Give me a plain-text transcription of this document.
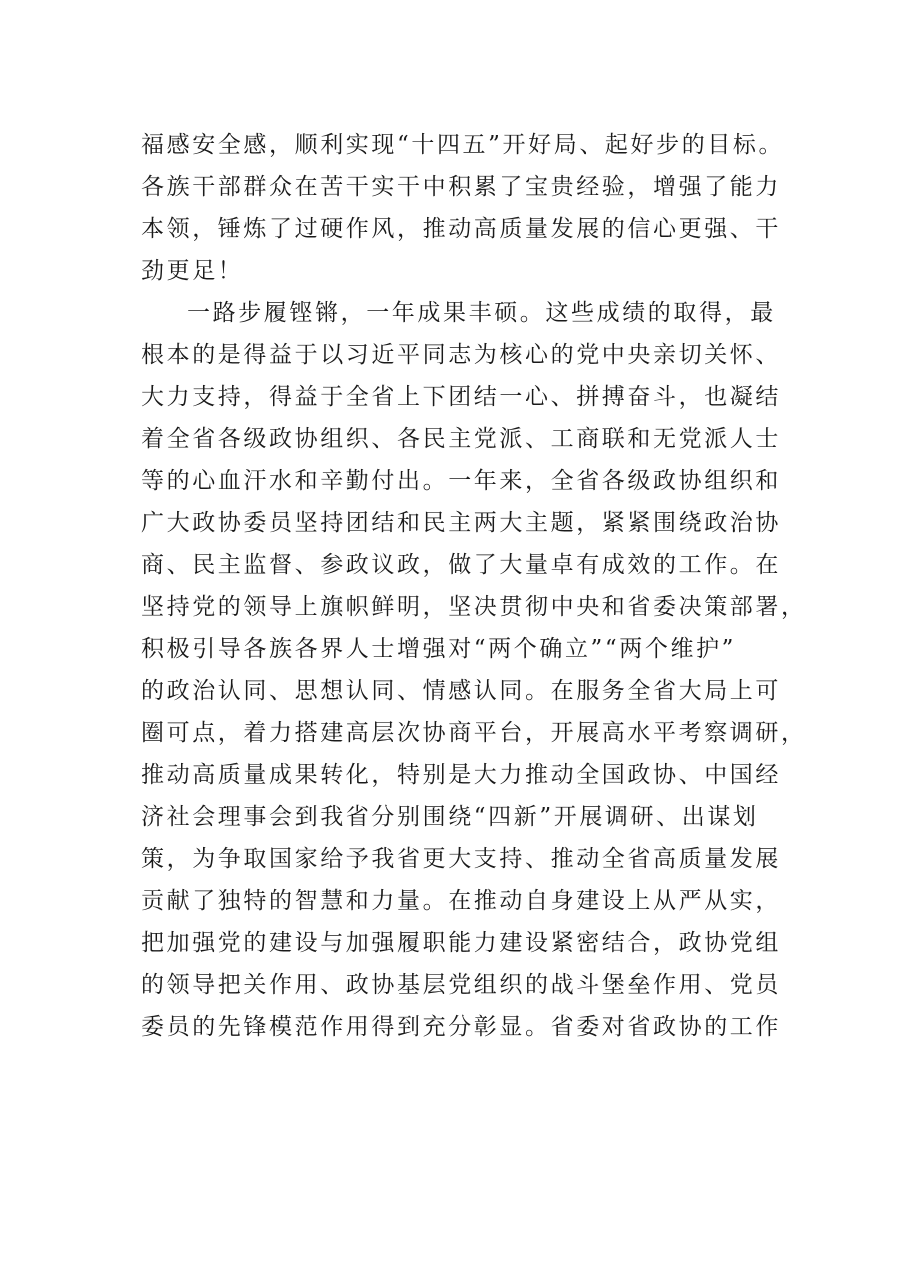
福感安全感，顺利实现“十四五”开好局、起好步的目标。
各族干部群众在苦干实干中积累了宝贵经验，增强了能力
本领，锤炼了过硬作风，推动高质量发展的信心更强、干
劲更足！
一路步履铿锵，一年成果丰硕。这些成绩的取得，最
根本的是得益于以习近平同志为核心的党中央亲切关怀、
大力支持，得益于全省上下团结一心、拼搏奋斗，也凝结
着全省各级政协组织、各民主党派、工商联和无党派人士
等的心血汗水和辛勤付出。一年来，全省各级政协组织和
广大政协委员坚持团结和民主两大主题，紧紧围绕政治协
商、民主监督、参政议政，做了大量卓有成效的工作。在
坚持党的领导上旗帜鲜明，坚决贯彻中央和省委决策部署，
积极引导各族各界人士增强对“两个确立”“两个维护”
的政治认同、思想认同、情感认同。在服务全省大局上可
圈可点，着力搭建高层次协商平台，开展高水平考察调研，
推动高质量成果转化，特别是大力推动全国政协、中国经
济社会理事会到我省分别围绕“四新”开展调研、出谋划
策，为争取国家给予我省更大支持、推动全省高质量发展
贡献了独特的智慧和力量。在推动自身建设上从严从实，
把加强党的建设与加强履职能力建设紧密结合，政协党组
的领导把关作用、政协基层党组织的战斗堡垒作用、党员
委员的先锋模范作用得到充分彰显。省委对省政协的工作
